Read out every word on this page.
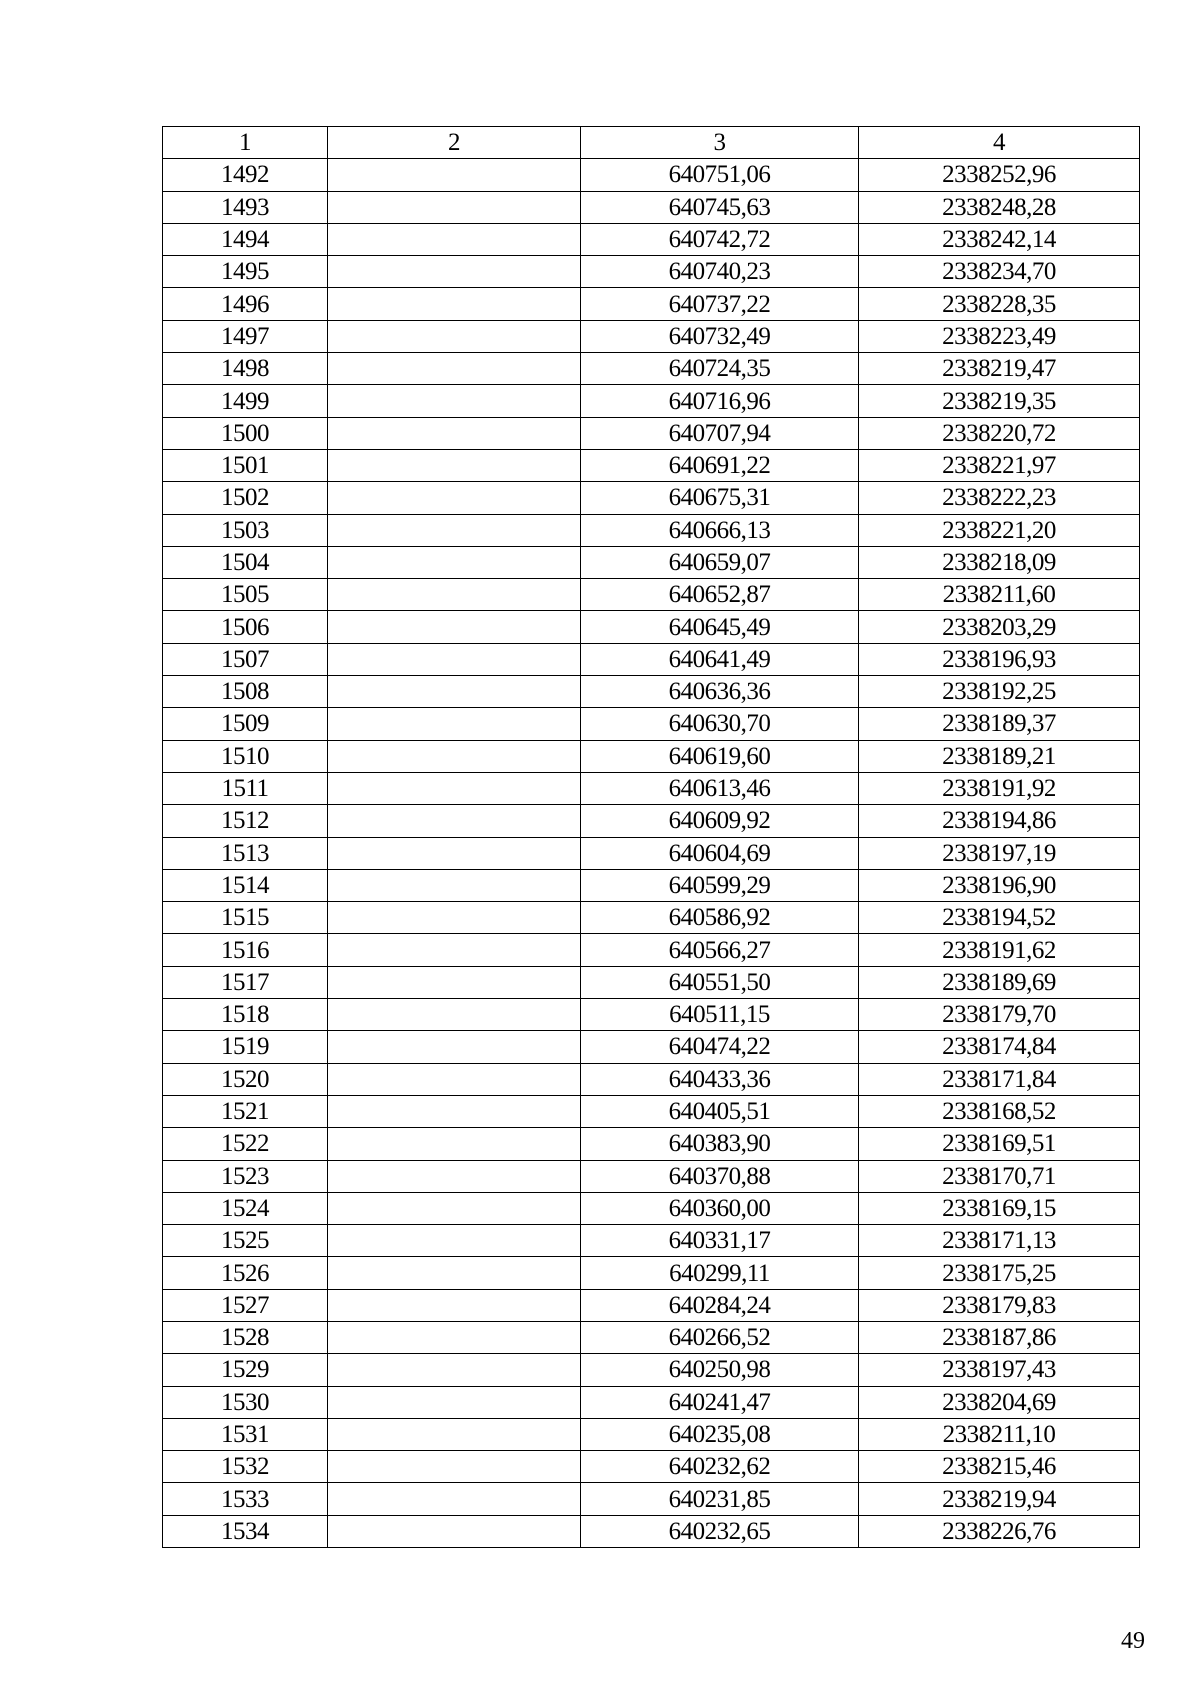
1	2	3	4
1492		640751,06	2338252,96
1493		640745,63	2338248,28
1494		640742,72	2338242,14
1495		640740,23	2338234,70
1496		640737,22	2338228,35
1497		640732,49	2338223,49
1498		640724,35	2338219,47
1499		640716,96	2338219,35
1500		640707,94	2338220,72
1501		640691,22	2338221,97
1502		640675,31	2338222,23
1503		640666,13	2338221,20
1504		640659,07	2338218,09
1505		640652,87	2338211,60
1506		640645,49	2338203,29
1507		640641,49	2338196,93
1508		640636,36	2338192,25
1509		640630,70	2338189,37
1510		640619,60	2338189,21
1511		640613,46	2338191,92
1512		640609,92	2338194,86
1513		640604,69	2338197,19
1514		640599,29	2338196,90
1515		640586,92	2338194,52
1516		640566,27	2338191,62
1517		640551,50	2338189,69
1518		640511,15	2338179,70
1519		640474,22	2338174,84
1520		640433,36	2338171,84
1521		640405,51	2338168,52
1522		640383,90	2338169,51
1523		640370,88	2338170,71
1524		640360,00	2338169,15
1525		640331,17	2338171,13
1526		640299,11	2338175,25
1527		640284,24	2338179,83
1528		640266,52	2338187,86
1529		640250,98	2338197,43
1530		640241,47	2338204,69
1531		640235,08	2338211,10
1532		640232,62	2338215,46
1533		640231,85	2338219,94
1534		640232,65	2338226,76
49
